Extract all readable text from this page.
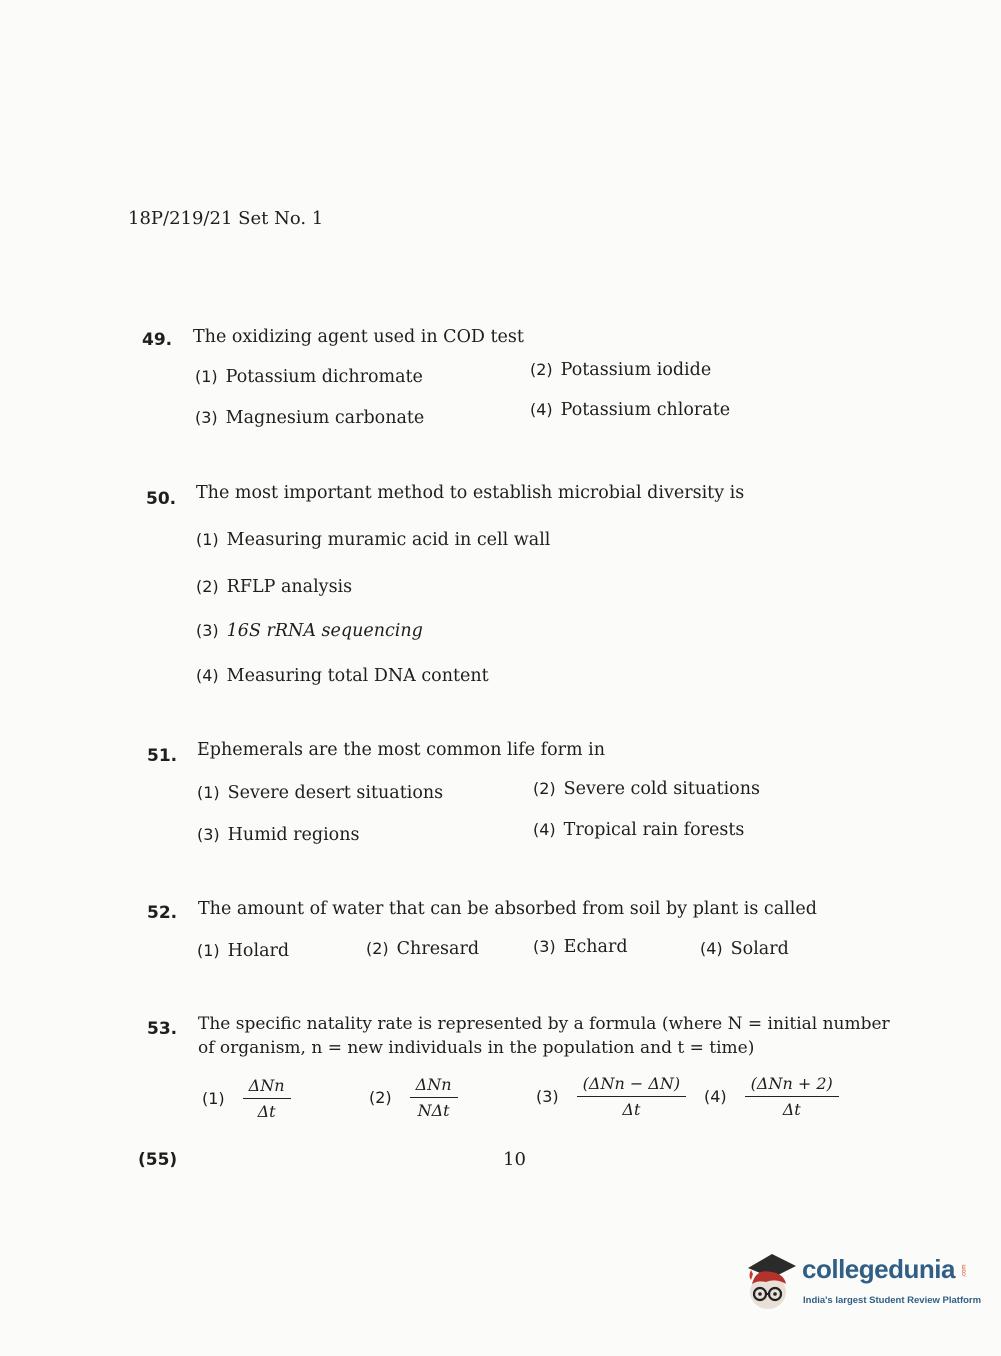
18P/219/21 Set No. 1
49. The oxidizing agent used in COD test
(1) Potassium dichromate	(2) Potassium iodide
(3) Magnesium carbonate	(4) Potassium chlorate
50. The most important method to establish microbial diversity is
(1) Measuring muramic acid in cell wall
(2) RFLP analysis
(3) 16S rRNA sequencing
(4) Measuring total DNA content
51. Ephemerals are the most common life form in
(1) Severe desert situations	(2) Severe cold situations
(3) Humid regions	(4) Tropical rain forests
52. The amount of water that can be absorbed from soil by plant is called
(1) Holard	(2) Chresard	(3) Echard	(4) Solard
53. The specific natality rate is represented by a formula (where N = initial number
of organism, n = new individuals in the population and t = time)
$(1) \frac{\text{ΔNn}}{\Delta t}$	$(2) \frac{\text{ΔNn}}{\text{NΔt}}$	$(3) \frac{\text{(ΔNn − ΔN)}}{\Delta t} (4) \frac{\text{(ΔNn + 2)}}{\Delta t}$
(55)	10
collegedunia .com
India's largest Student Review Platform
